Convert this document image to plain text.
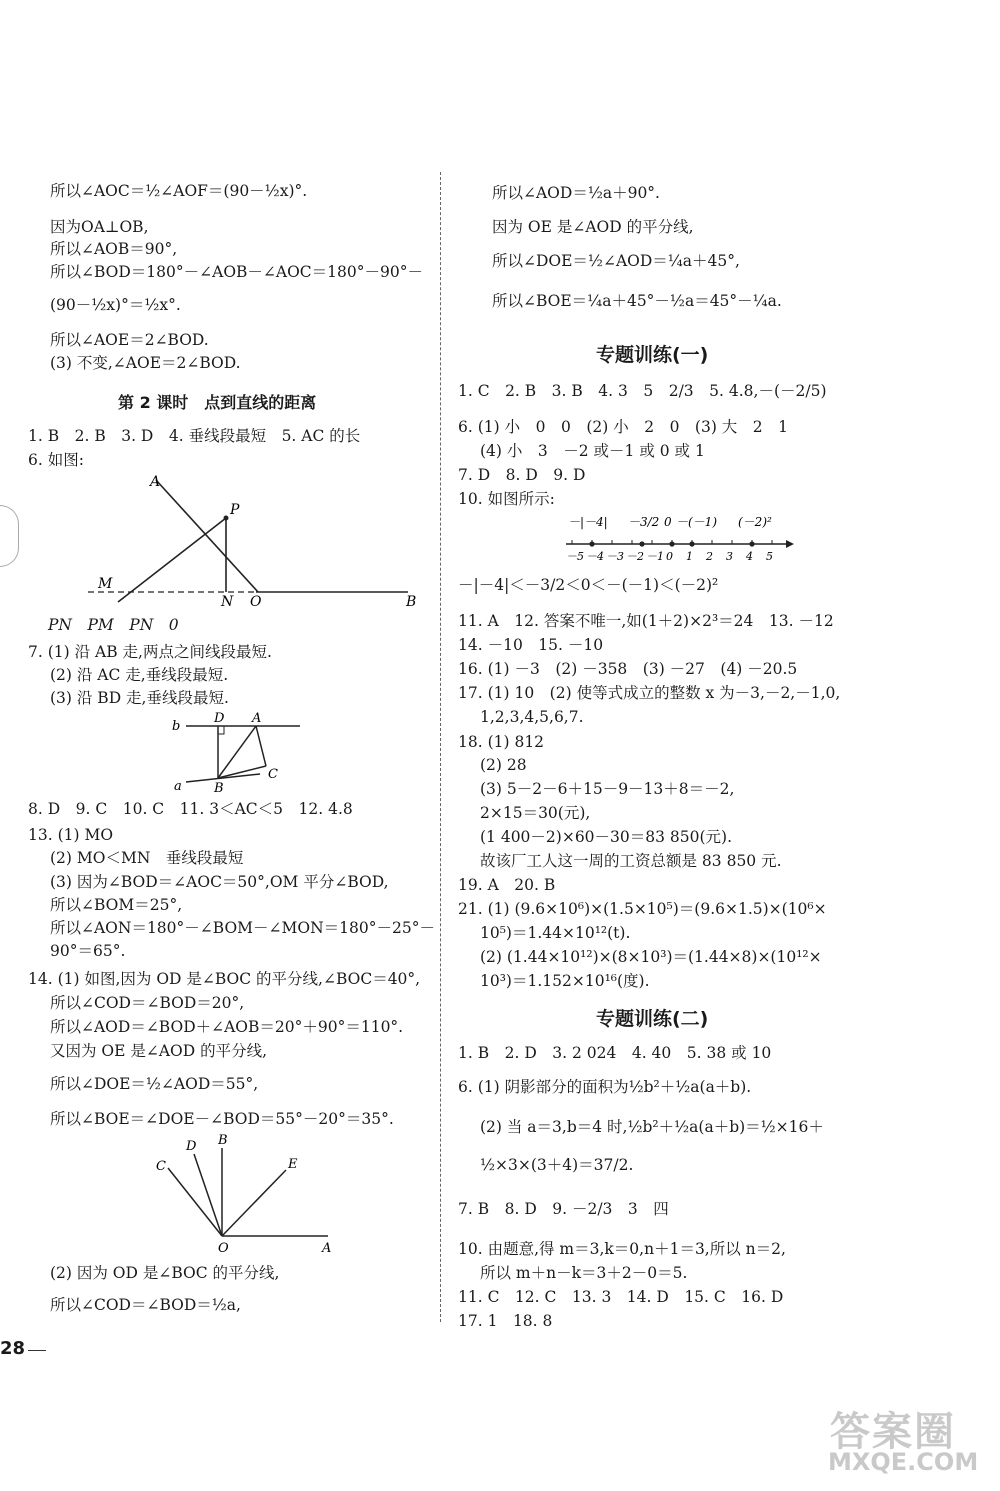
所以∠AOC＝½∠AOF＝(90－½x)°.
因为OA⊥OB,
所以∠AOB＝90°,
所以∠BOD＝180°－∠AOB－∠AOC＝180°－90°－
(90－½x)°＝½x°.
所以∠AOE＝2∠BOD.
(3) 不变,∠AOE＝2∠BOD.
第 2 课时　点到直线的距离
1. B　2. B　3. D　4. 垂线段最短　5. AC 的长
6. 如图:
A
P
M
N O	B
PN　PM　PN　0
7. (1) 沿 AB 走,两点之间线段最短.
(2) 沿 AC 走,垂线段最短.
(3) 沿 BD 走,垂线段最短.
b
D A
a B
C
8. D　9. C　10. C　11. 3＜AC＜5　12. 4.8
13. (1) MO
(2) MO＜MN　垂线段最短
(3) 因为∠BOD＝∠AOC＝50°,OM 平分∠BOD,
所以∠BOM＝25°,
所以∠AON＝180°－∠BOM－∠MON＝180°－25°－
90°＝65°.
14. (1) 如图,因为 OD 是∠BOC 的平分线,∠BOC＝40°,
所以∠COD＝∠BOD＝20°,
所以∠AOD＝∠BOD＋∠AOB＝20°＋90°＝110°.
又因为 OE 是∠AOD 的平分线,
所以∠DOE＝½∠AOD＝55°,
所以∠BOE＝∠DOE－∠BOD＝55°－20°＝35°.
C
D B
E
O	A
(2) 因为 OD 是∠BOC 的平分线,
所以∠COD＝∠BOD＝½a,
所以∠AOD＝½a＋90°.
因为 OE 是∠AOD 的平分线,
所以∠DOE＝½∠AOD＝¼a＋45°,
所以∠BOE＝¼a＋45°－½a＝45°－¼a.
专题训练(一)
1. C　2. B　3. B　4. 3　5　2/3　5. 4.8,－(－2/5)
6. (1) 小　0　0　(2) 小　2　0　(3) 大　2　1
(4) 小　3　－2 或－1 或 0 或 1
7. D　8. D　9. D
10. 如图所示:
－5 －4 －3 －2 －1 0 1 2 3 4 5
－|－4| －3/2 0 －(－1) (－2)²
－|－4|＜－3/2＜0＜－(－1)＜(－2)²
11. A　12. 答案不唯一,如(1＋2)×2³＝24　13. －12
14. －10　15. －10
16. (1) －3　(2) －358　(3) －27　(4) －20.5
17. (1) 10　(2) 使等式成立的整数 x 为－3,－2,－1,0,
1,2,3,4,5,6,7.
18. (1) 812
(2) 28
(3) 5－2－6＋15－9－13＋8＝－2,
2×15＝30(元),
(1 400－2)×60－30＝83 850(元).
故该厂工人这一周的工资总额是 83 850 元.
19. A　20. B
21. (1) (9.6×10⁶)×(1.5×10⁵)＝(9.6×1.5)×(10⁶×
10⁵)＝1.44×10¹²(t).
(2) (1.44×10¹²)×(8×10³)＝(1.44×8)×(10¹²×
10³)＝1.152×10¹⁶(度).
专题训练(二)
1. B　2. D　3. 2 024　4. 40　5. 38 或 10
6. (1) 阴影部分的面积为½b²＋½a(a＋b).
(2) 当 a＝3,b＝4 时,½b²＋½a(a＋b)＝½×16＋
½×3×(3＋4)＝37/2.
7. B　8. D　9. －2/3　3　四
10. 由题意,得 m＝3,k＝0,n＋1＝3,所以 n＝2,
所以 m＋n－k＝3＋2－0＝5.
11. C　12. C　13. 3　14. D　15. C　16. D
17. 1　18. 8
28
答案圈
MXQE.COM
